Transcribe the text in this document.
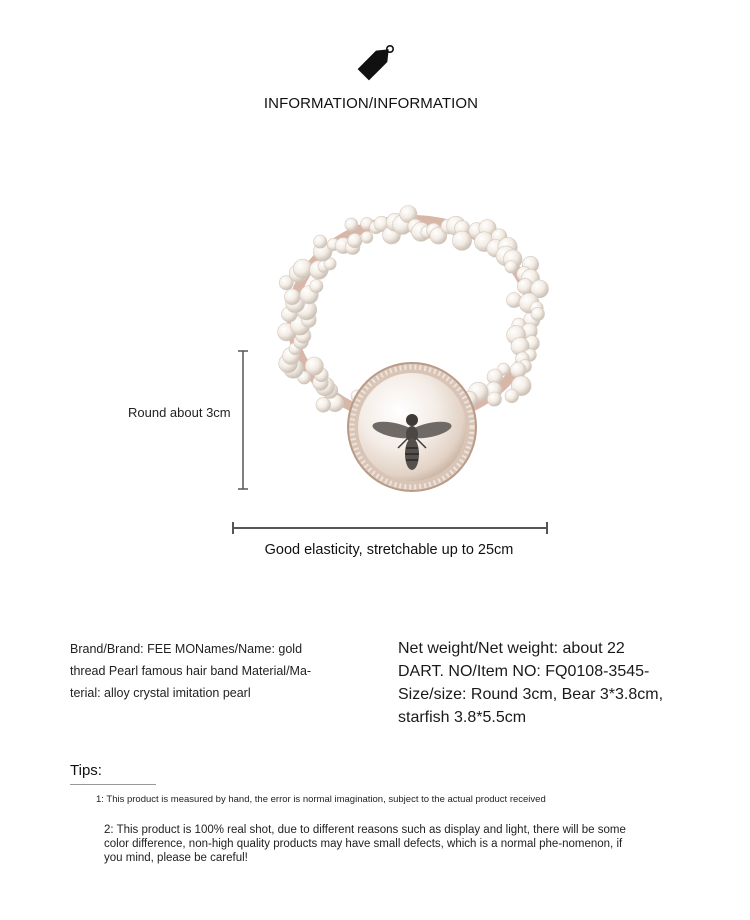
INFORMATION/INFORMATION
Round about 3cm
Good elasticity, stretchable up to 25cm
Brand/Brand: FEE MONames/Name: gold thread Pearl famous hair band Material/Ma-terial: alloy crystal imitation pearl
Net weight/Net weight: about 22
DART. NO/Item NO: FQ0108-3545-
Size/size: Round 3cm, Bear 3*3.8cm,
starfish 3.8*5.5cm
Tips:
1: This product is measured by hand, the error is normal imagination, subject to the actual product received
2: This product is 100% real shot, due to different reasons such as display and light, there will be some color difference, non-high quality products may have small defects, which is a normal phe-nomenon, if you mind, please be careful!
